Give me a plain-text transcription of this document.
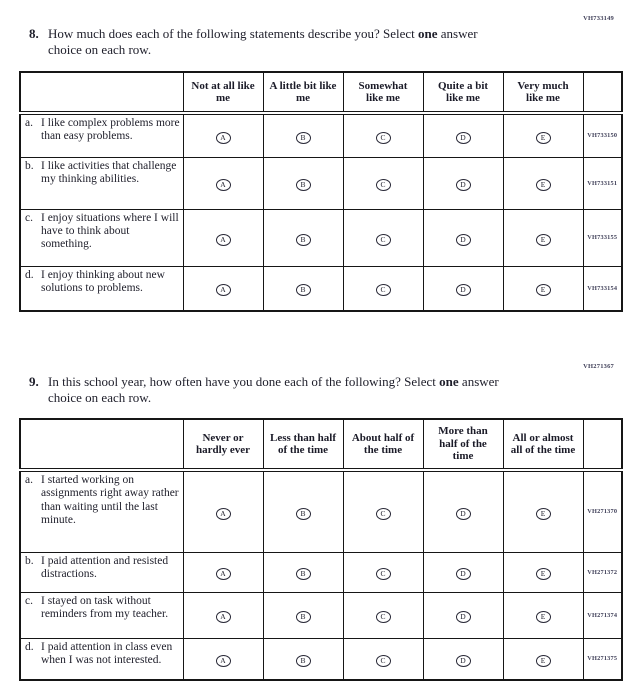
VH733149
8. How much does each of the following statements describe you? Select one answer
choice on each row.
	Not at all like me	A little bit like me	Somewhat like me	Quite a bit like me	Very much like me	

a. I like complex problems more than easy problems.	A	B	C	D	E	VH733150

b. I like activities that challenge my thinking abilities.	A	B	C	D	E	VH733151

c. I enjoy situations where I will have to think about something.	A	B	C	D	E	VH733155

d. I enjoy thinking about new solutions to problems.	A	B	C	D	E	VH733154
VH271367
9. In this school year, how often have you done each of the following? Select one answer
choice on each row.
	Never or hardly ever	Less than half of the time	About half of the time	More than half of the time	All or almost all of the time	

a. I started working on assignments right away rather than waiting until the last minute.	A	B	C	D	E	VH271370

b. I paid attention and resisted distractions.	A	B	C	D	E	VH271372

c. I stayed on task without reminders from my teacher.	A	B	C	D	E	VH271374

d. I paid attention in class even when I was not interested.	A	B	C	D	E	VH271375
